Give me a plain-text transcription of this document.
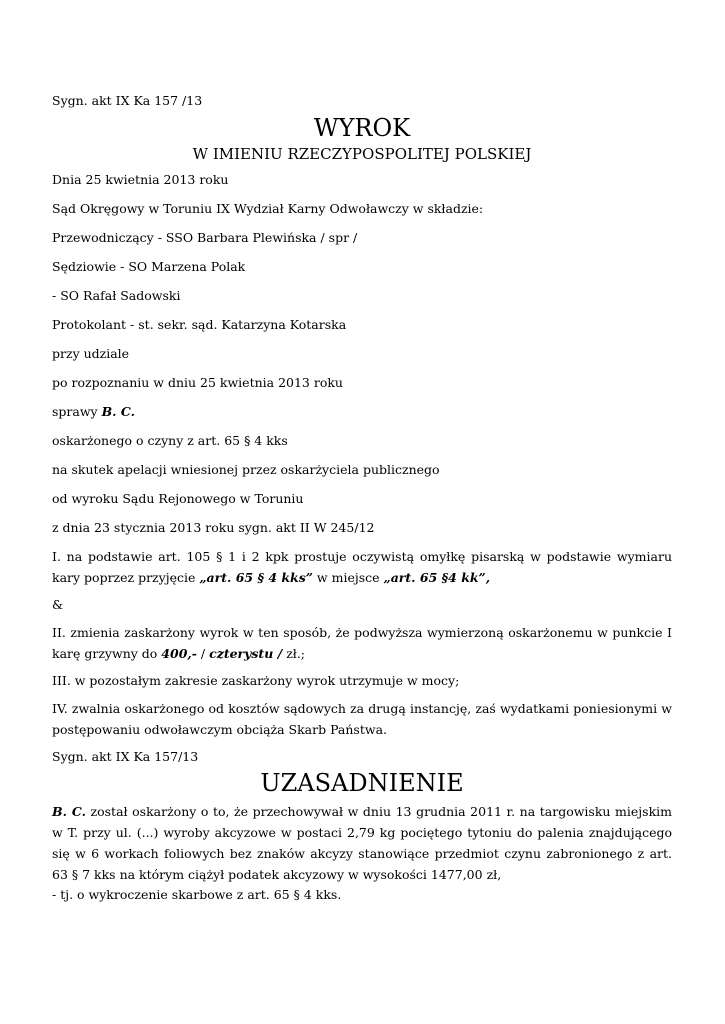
Sygn. akt IX Ka 157 /13

WYROK
W IMIENIU RZECZYPOSPOLITEJ POLSKIEJ

Dnia 25 kwietnia 2013 roku

Sąd Okręgowy w Toruniu IX Wydział Karny Odwoławczy w składzie:

Przewodniczący - SSO Barbara Plewińska / spr /

Sędziowie - SO Marzena Polak

- SO Rafał Sadowski

Protokolant - st. sekr. sąd. Katarzyna Kotarska

przy udziale

po rozpoznaniu w dniu 25 kwietnia 2013 roku

sprawy B. C.

oskarżonego o czyny z art. 65 § 4 kks

na skutek apelacji wniesionej przez oskarżyciela publicznego

od wyroku Sądu Rejonowego w Toruniu

z dnia 23 stycznia 2013 roku sygn. akt II W 245/12

I. na podstawie art. 105 § 1 i 2 kpk prostuje oczywistą omyłkę pisarską w podstawie wymiaru kary poprzez przyjęcie „art. 65 § 4 kks” w miejsce „art. 65 §4 kk”,

&

II. zmienia zaskarżony wyrok w ten sposób, że podwyższa wymierzoną oskarżonemu w punkcie I karę grzywny do 400,- / czterystu / zł.;

III. w pozostałym zakresie zaskarżony wyrok utrzymuje w mocy;

IV. zwalnia oskarżonego od kosztów sądowych za drugą instancję, zaś wydatkami poniesionymi w postępowaniu odwoławczym obciąża Skarb Państwa.

Sygn. akt IX Ka 157/13

UZASADNIENIE

B. C. został oskarżony o to, że przechowywał w dniu 13 grudnia 2011 r. na targowisku miejskim w T. przy ul. (...) wyroby akcyzowe w postaci 2,79 kg pociętego tytoniu do palenia znajdującego się w 6 workach foliowych bez znaków akcyzy stanowiące przedmiot czynu zabronionego z art. 63 § 7 kks na którym ciążył podatek akcyzowy w wysokości 1477,00 zł,

- tj. o wykroczenie skarbowe z art. 65 § 4 kks.
